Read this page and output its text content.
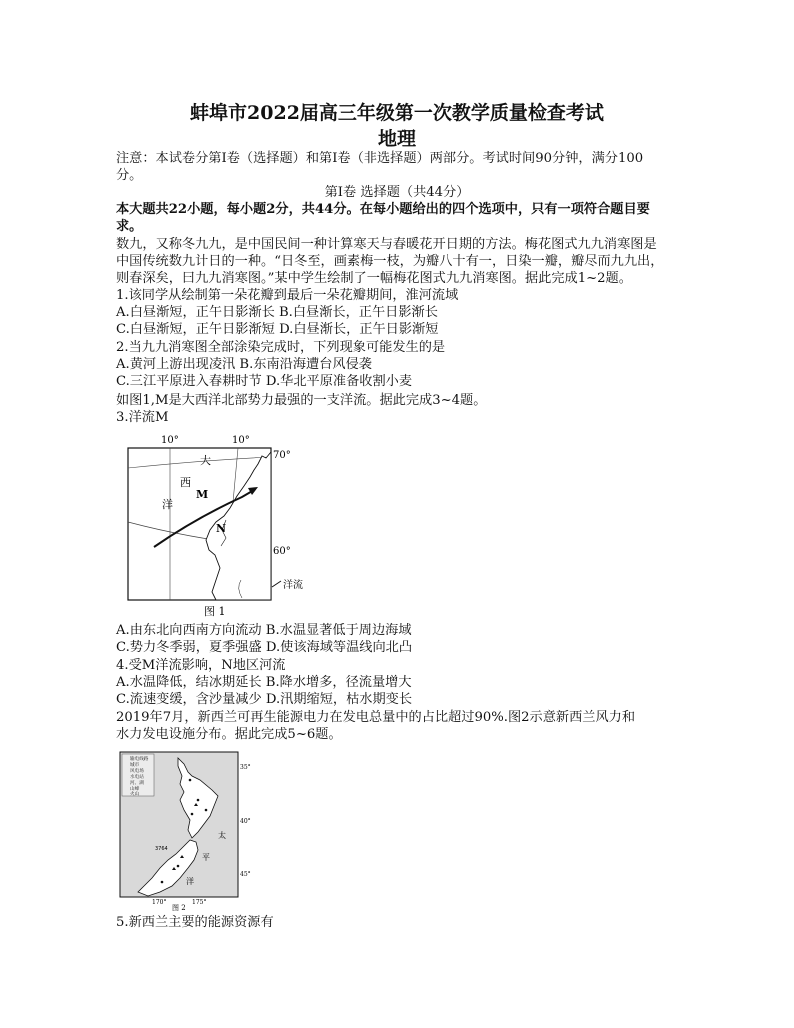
蚌埠市2022届高三年级第一次教学质量检查考试
地理
注意：本试卷分第Ⅰ卷（选择题）和第Ⅰ卷（非选择题）两部分。考试时间90分钟，满分100
分。
第Ⅰ卷 选择题（共44分）
本大题共22小题，每小题2分，共44分。在每小题给出的四个选项中，只有一项符合题目要
求。
数九，又称冬九九，是中国民间一种计算寒天与春暖花开日期的方法。梅花图式九九消寒图是
中国传统数九计日的一种。“日冬至，画素梅一枝，为瓣八十有一，日染一瓣，瓣尽而九九出，
则春深矣，曰九九消寒图。”某中学生绘制了一幅梅花图式九九消寒图。据此完成1~2题。
1.该同学从绘制第一朵花瓣到最后一朵花瓣期间，淮河流域
A.白昼渐短，正午日影渐长 B.白昼渐长，正午日影渐长
C.白昼渐短，正午日影渐短 D.白昼渐长，正午日影渐短
2.当九九消寒图全部涂染完成时，下列现象可能发生的是
A.黄河上游出现凌汛 B.东南沿海遭台风侵袭
C.三江平原进入春耕时节 D.华北平原准备收割小麦
如图1,M是大西洋北部势力最强的一支洋流。据此完成3~4题。
3.洋流M
10°	10°
70°
60°
大
西
洋
M
N
洋流
图 1
A.由东北向西南方向流动 B.水温显著低于周边海域
C.势力冬季弱，夏季强盛 D.使该海域等温线向北凸
4.受M洋流影响，N地区河流
A.水温降低，结冰期延长 B.降水增多，径流量增大
C.流速变缓，含沙量减少 D.汛期缩短，枯水期变长
2019年7月，新西兰可再生能源电力在发电总量中的占比超过90%.图2示意新西兰风力和
水力发电设施分布。据此完成5~6题。
输电线路
城市
风电场
水电站
河、湖
山峰
火山
3764
35°
40°
45°
太
平
洋
170°	175°
图 2
5.新西兰主要的能源资源有
